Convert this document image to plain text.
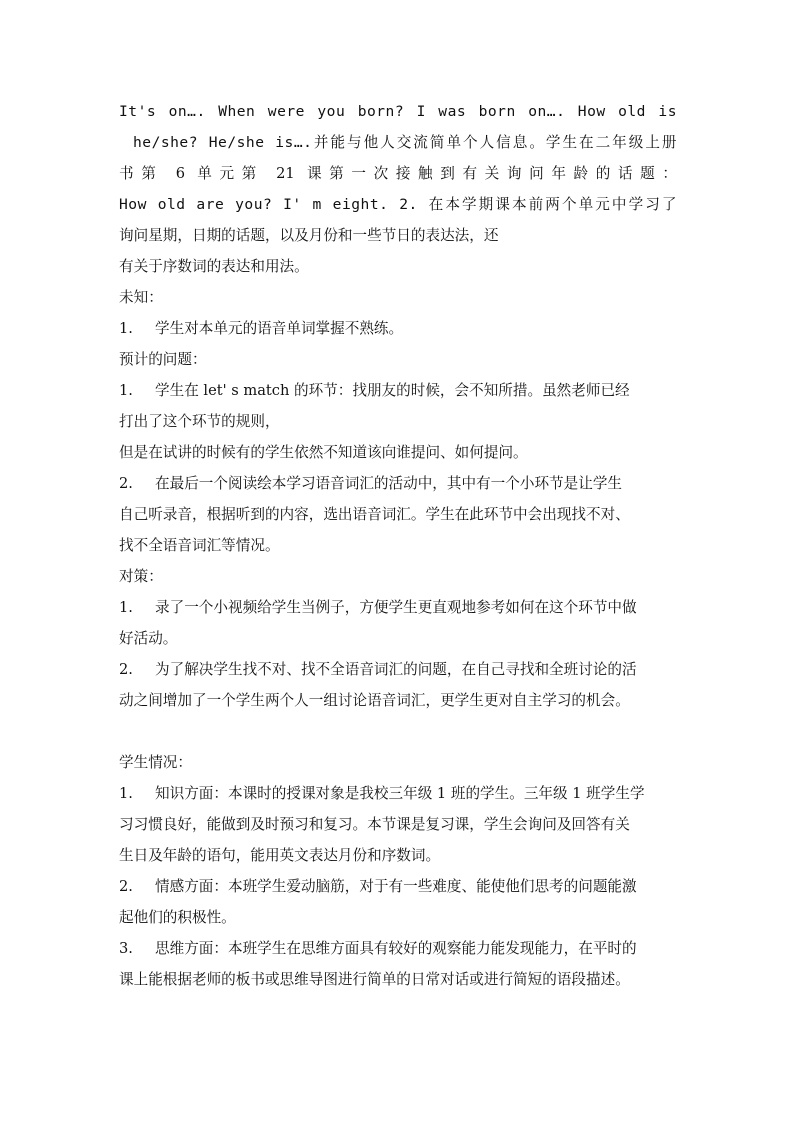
It's on…. When were you born? I was born on…. How old is
he/she? He/she is….并能与他人交流简单个人信息。学生在二年级上册
书第 6 单元第 21 课第一次接触到有关询问年龄的话题：
How old are you? I' m eight. 2. 在本学期课本前两个单元中学习了
询问星期，日期的话题，以及月份和一些节日的表达法，还
有关于序数词的表达和用法。
未知：
1. 学生对本单元的语音单词掌握不熟练。
预计的问题：
1. 学生在 let' s match 的环节：找朋友的时候，会不知所措。虽然老师已经
打出了这个环节的规则，
但是在试讲的时候有的学生依然不知道该向谁提问、如何提问。
2. 在最后一个阅读绘本学习语音词汇的活动中，其中有一个小环节是让学生
自己听录音，根据听到的内容，选出语音词汇。学生在此环节中会出现找不对、
找不全语音词汇等情况。
对策：
1. 录了一个小视频给学生当例子，方便学生更直观地参考如何在这个环节中做
好活动。
2. 为了解决学生找不对、找不全语音词汇的问题，在自己寻找和全班讨论的活
动之间增加了一个学生两个人一组讨论语音词汇，更学生更对自主学习的机会。
学生情况：
1. 知识方面：本课时的授课对象是我校三年级 1 班的学生。三年级 1 班学生学
习习惯良好，能做到及时预习和复习。本节课是复习课，学生会询问及回答有关
生日及年龄的语句，能用英文表达月份和序数词。
2. 情感方面：本班学生爱动脑筋，对于有一些难度、能使他们思考的问题能激
起他们的积极性。
3. 思维方面：本班学生在思维方面具有较好的观察能力能发现能力，在平时的
课上能根据老师的板书或思维导图进行简单的日常对话或进行简短的语段描述。
